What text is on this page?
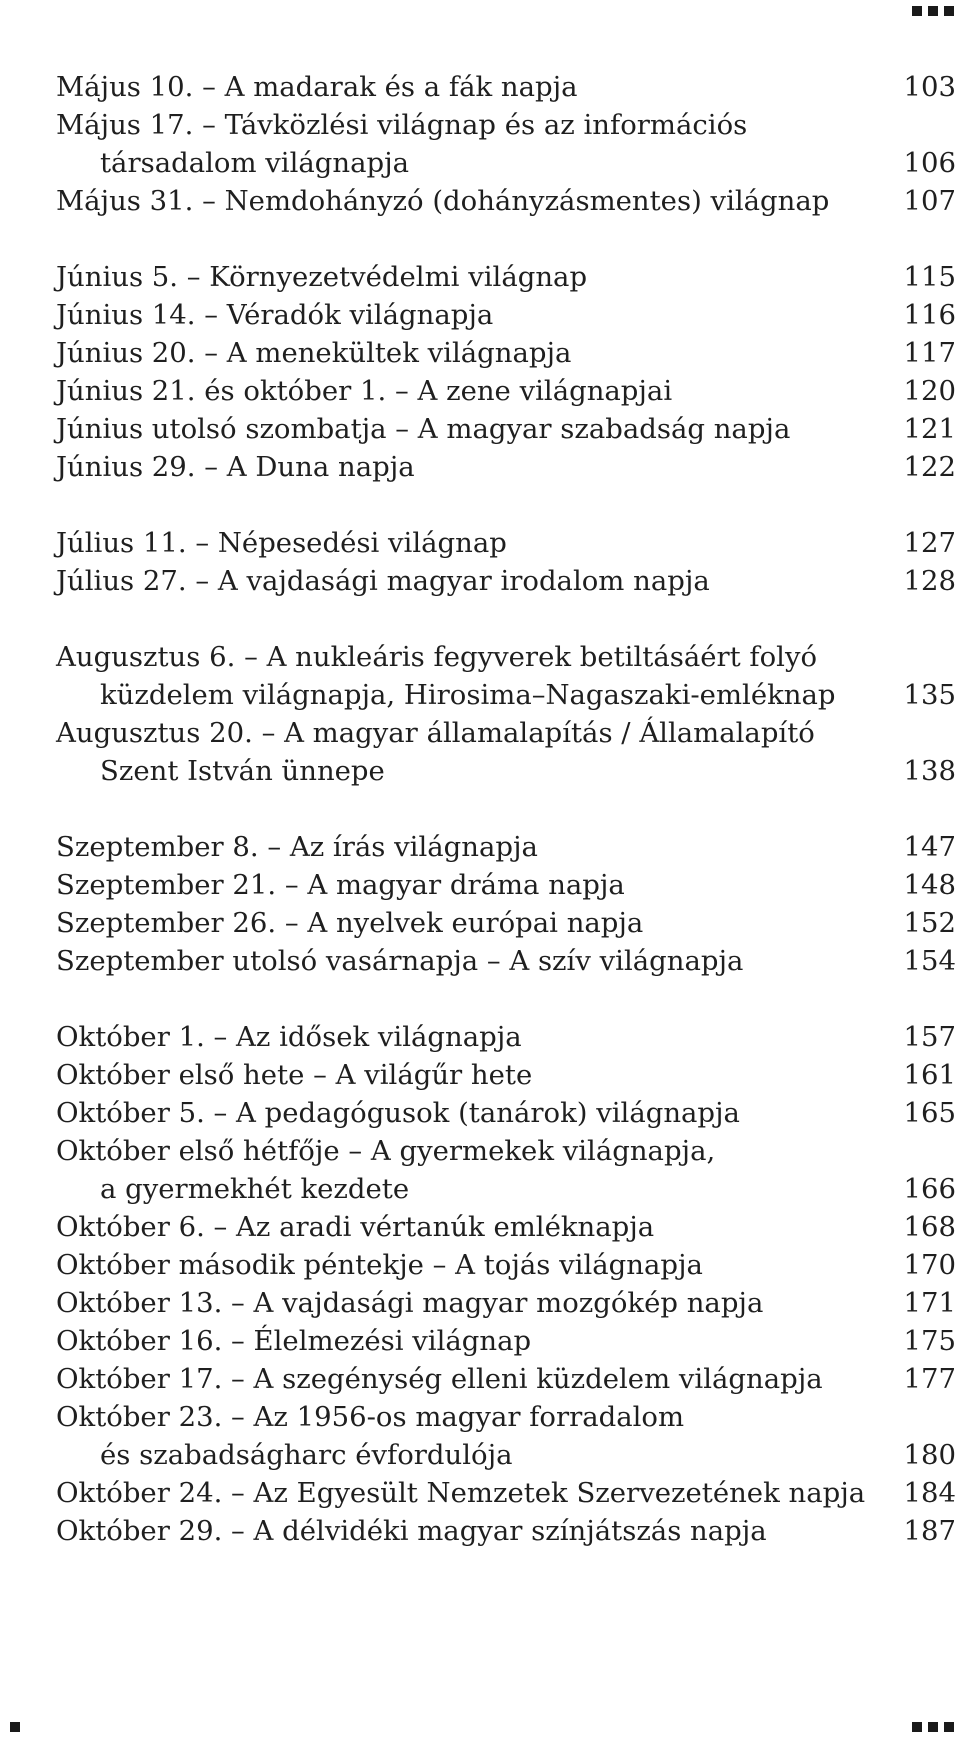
Május 10. – A madarak és a fák napja	103
Május 17. – Távközlési világnap és az információs
társadalom világnapja	106
Május 31. – Nemdohányzó (dohányzásmentes) világnap	107
Június 5. – Környezetvédelmi világnap	115
Június 14. – Véradók világnapja	116
Június 20. – A menekültek világnapja	117
Június 21. és október 1. – A zene világnapjai	120
Június utolsó szombatja – A magyar szabadság napja	121
Június 29. – A Duna napja	122
Július 11. – Népesedési világnap	127
Július 27. – A vajdasági magyar irodalom napja	128
Augusztus 6. – A nukleáris fegyverek betiltásáért folyó
küzdelem világnapja, Hirosima–Nagaszaki-emléknap 135
Augusztus 20. – A magyar államalapítás / Államalapító
Szent István ünnepe	138
Szeptember 8. – Az írás világnapja	147
Szeptember 21. – A magyar dráma napja	148
Szeptember 26. – A nyelvek európai napja	152
Szeptember utolsó vasárnapja – A szív világnapja	154
Október 1. – Az idősek világnapja	157
Október első hete – A világűr hete	161
Október 5. – A pedagógusok (tanárok) világnapja	165
Október első hétfője – A gyermekek világnapja,
a gyermekhét kezdete	166
Október 6. – Az aradi vértanúk emléknapja	168
Október második péntekje – A tojás világnapja	170
Október 13. – A vajdasági magyar mozgókép napja	171
Október 16. – Élelmezési világnap	175
Október 17. – A szegénység elleni küzdelem világnapja	177
Október 23. – Az 1956-os magyar forradalom
és szabadságharc évfordulója	180
Október 24. – Az Egyesült Nemzetek Szervezetének napja 184
Október 29. – A délvidéki magyar színjátszás napja	187
